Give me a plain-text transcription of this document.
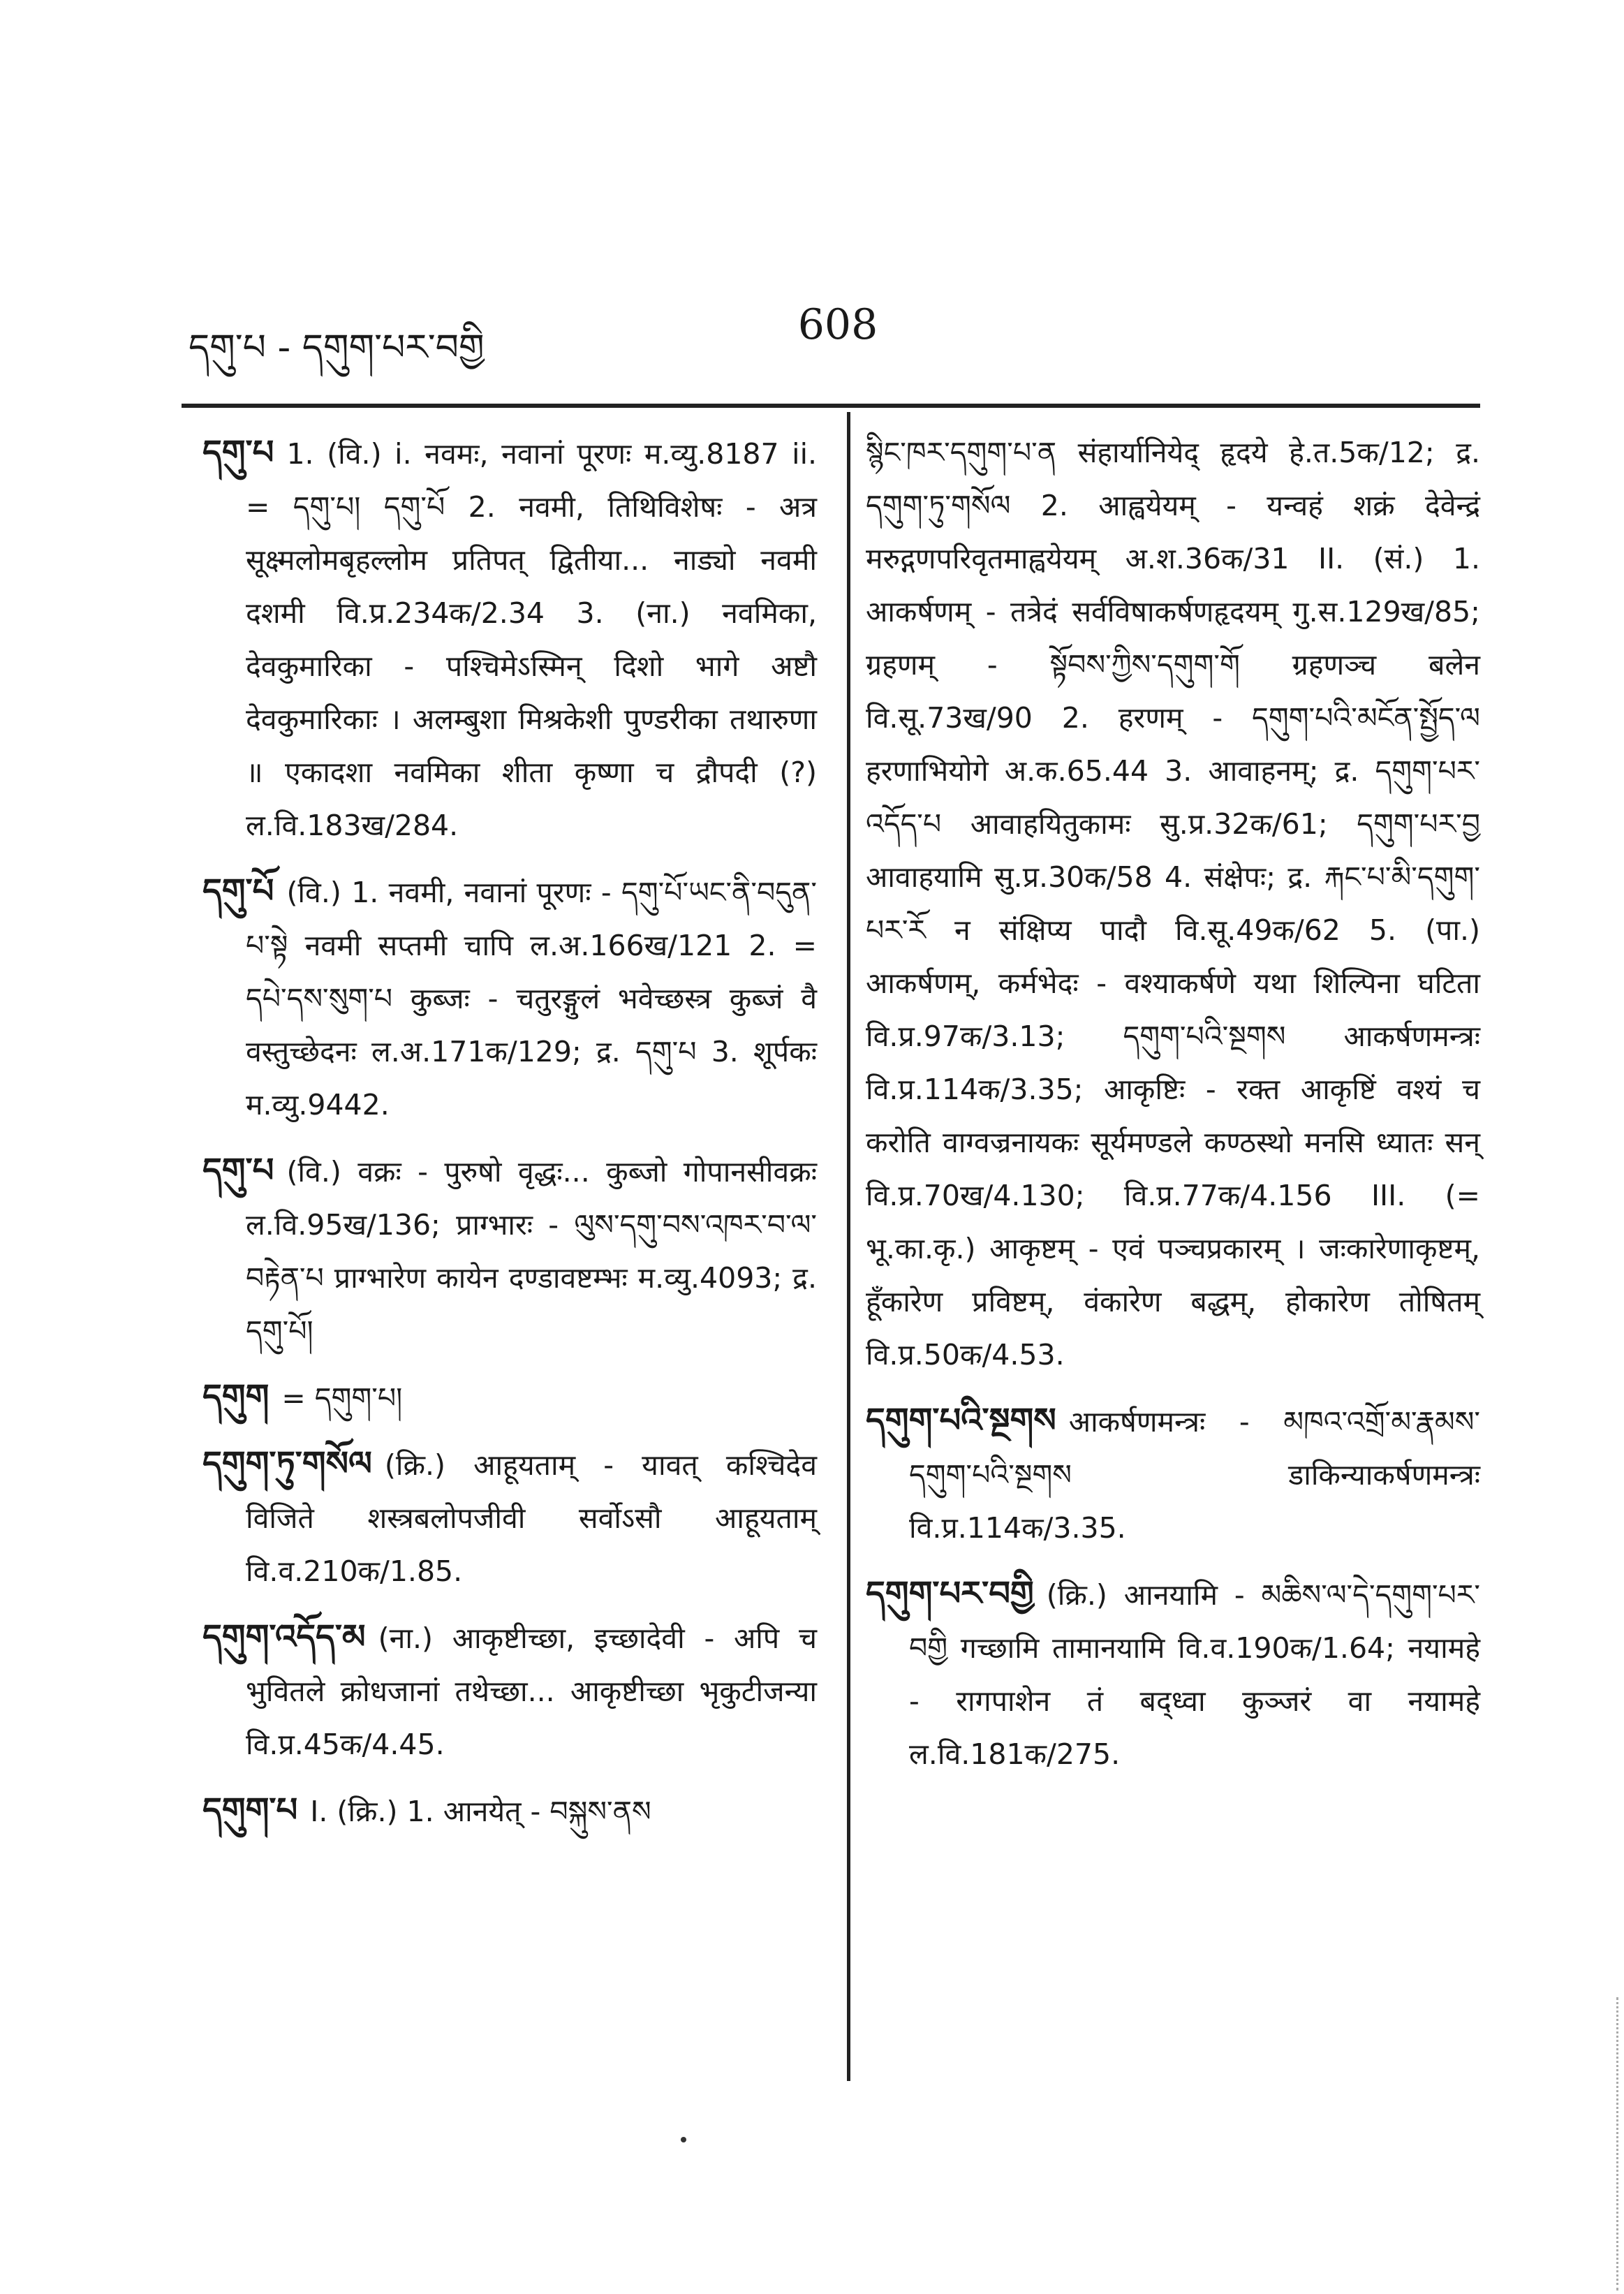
དགུ་པ - དགུག་པར་བགྱི	608

དགུ་པ 1. (वि.) i. नवमः, नवानां पूरणः म.व्यु.8187 ii. = དགུ་པ། དགུ་པོ 2. नवमी, तिथिविशेषः - अत्र सूक्ष्मलोमबृहल्लोम प्रतिपत् द्वितीया... नाड्यो नवमी दशमी वि.प्र.234क/2.34 3. (ना.) नवमिका, देवकुमारिका - पश्चिमेऽस्मिन् दिशो भागे अष्टौ देवकुमारिकाः । अलम्बुशा मिश्रकेशी पुण्डरीका तथारुणा ॥ एकादशा नवमिका शीता कृष्णा च द्रौपदी (?) ल.वि.183ख/284.

དགུ་པོ (वि.) 1. नवमी, नवानां पूरणः - དགུ་པོ་ཡང་ནི་བདུན་པ་སྟེ नवमी सप्तमी चापि ल.अ.166ख/121 2. = དཔེ་དས་སུག་པ कुब्जः - चतुरङ्गुलं भवेच्छस्त्र कुब्जं वै वस्तुच्छेदनः ल.अ.171क/129; द्र. དགུ་པ 3. शूर्पकः म.व्यु.9442.

དགུ་པ (वि.) वक्रः - पुरुषो वृद्धः... कुब्जो गोपानसीवक्रः ल.वि.95ख/136; प्राग्भारः - ལུས་དགུ་བས་འཁར་བ་ལ་བརྟེན་པ प्राग्भारेण कायेन दण्डावष्टम्भः म.व्यु.4093; द्र. དགུ་པོ།

དགུག = དགུག་པ།

དགུག་ཏུ་གསོལ (क्रि.) आहूयताम् - यावत् कश्चिदेव विजिते शस्त्रबलोपजीवी सर्वोऽसौ आहूयताम् वि.व.210क/1.85.

དགུག་འདོད་མ (ना.) आकृष्टीच्छा, इच्छादेवी - अपि च भुवितले क्रोधजानां तथेच्छा... आकृष्टीच्छा भृकुटीजन्या वि.प्र.45क/4.45.

དགུག་པ I. (क्रि.) 1. आनयेत् - བསྐུས་ནས

སྙིང་ཁར་དགུག་པ་ན संहार्यानियेद् हृदये हे.त.5क/12; द्र. དགུག་ཏུ་གསོལ 2. आह्वयेयम् - यन्वहं शक्रं देवेन्द्रं मरुद्गणपरिवृतमाह्वयेयम् अ.श.36क/31 II. (सं.) 1. आकर्षणम् - तत्रेदं सर्वविषाकर्षणहृदयम् गु.स.129ख/85; ग्रहणम् - སྟོབས་ཀྱིས་དགུག་གོ ग्रहणञ्च बलेन वि.सू.73ख/90 2. हरणम् - དགུག་པའི་མངོན་སྤྱོད་ལ हरणाभियोगे अ.क.65.44 3. आवाहनम्; द्र. དགུག་པར་འདོད་པ आवाहयितुकामः सु.प्र.32क/61; དགུག་པར་བྱ आवाहयामि सु.प्र.30क/58 4. संक्षेपः; द्र. རྐང་པ་མི་དགུག་པར་རོ न संक्षिप्य पादौ वि.सू.49क/62 5. (पा.) आकर्षणम्, कर्मभेदः - वश्याकर्षणे यथा शिल्पिना घटिता वि.प्र.97क/3.13; དགུག་པའི་སྔགས आकर्षणमन्त्रः वि.प्र.114क/3.35; आकृष्टिः - रक्त आकृष्टिं वश्यं च करोति वाग्वज्रनायकः सूर्यमण्डले कण्ठस्थो मनसि ध्यातः सन् वि.प्र.70ख/4.130; वि.प्र.77क/4.156 III. (= भू.का.कृ.) आकृष्टम् - एवं पञ्चप्रकारम् । जःकारेणाकृष्टम्, हूँकारेण प्रविष्टम्, वंकारेण बद्धम्, होकारेण तोषितम् वि.प्र.50क/4.53.

དགུག་པའི་སྔགས आकर्षणमन्त्रः - མཁའ་འགྲོ་མ་རྣམས་དགུག་པའི་སྔགས डाकिन्याकर्षणमन्त्रः वि.प्र.114क/3.35.

དགུག་པར་བགྱི (क्रि.) आनयामि - མཆིས་ལ་དེ་དགུག་པར་བགྱི गच्छामि तामानयामि वि.व.190क/1.64; नयामहे - रागपाशेन तं बद्ध्वा कुञ्जरं वा नयामहे ल.वि.181क/275.
